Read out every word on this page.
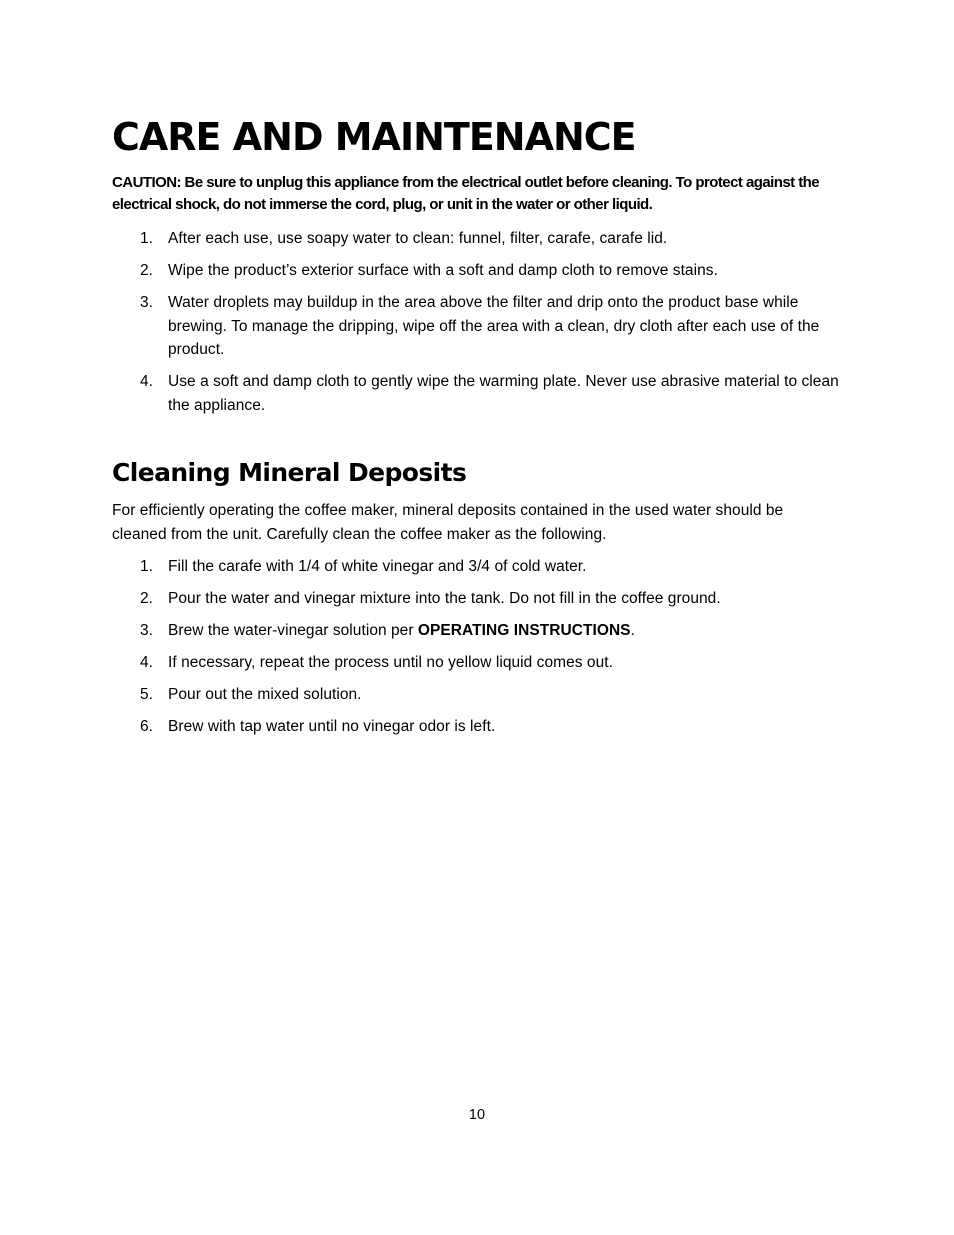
CARE AND MAINTENANCE

CAUTION: Be sure to unplug this appliance from the electrical outlet before cleaning. To protect against the electrical shock, do not immerse the cord, plug, or unit in the water or other liquid.

1. After each use, use soapy water to clean: funnel, filter, carafe, carafe lid.
2. Wipe the product’s exterior surface with a soft and damp cloth to remove stains.
3. Water droplets may buildup in the area above the filter and drip onto the product base while brewing. To manage the dripping, wipe off the area with a clean, dry cloth after each use of the product.
4. Use a soft and damp cloth to gently wipe the warming plate. Never use abrasive material to clean the appliance.
Cleaning Mineral Deposits

For efficiently operating the coffee maker, mineral deposits contained in the used water should be cleaned from the unit. Carefully clean the coffee maker as the following.

1. Fill the carafe with 1/4 of white vinegar and 3/4 of cold water.
2. Pour the water and vinegar mixture into the tank. Do not fill in the coffee ground.
3. Brew the water-vinegar solution per OPERATING INSTRUCTIONS.
4. If necessary, repeat the process until no yellow liquid comes out.
5. Pour out the mixed solution.
6. Brew with tap water until no vinegar odor is left.

10
